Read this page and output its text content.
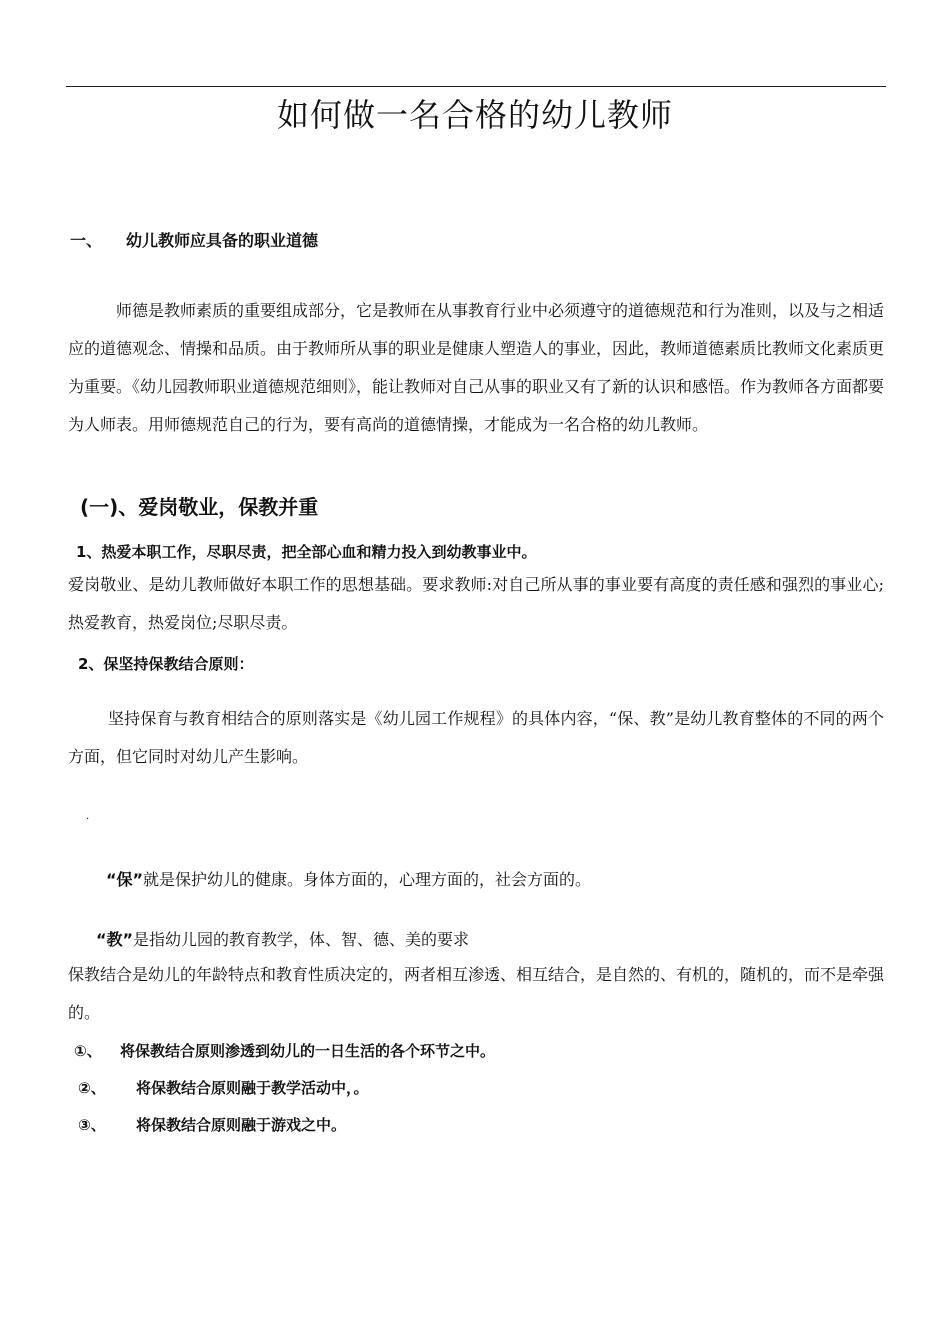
如何做一名合格的幼儿教师
一、 幼儿教师应具备的职业道德
师德是教师素质的重要组成部分，它是教师在从事教育行业中必须遵守的道德规范和行为准则，以及与之相适应的道德观念、情操和品质。由于教师所从事的职业是健康人塑造人的事业，因此，教师道德素质比教师文化素质更为重要。《幼儿园教师职业道德规范细则》，能让教师对自己从事的职业又有了新的认识和感悟。作为教师各方面都要为人师表。用师德规范自己的行为，要有高尚的道德情操，才能成为一名合格的幼儿教师。
(一)、爱岗敬业，保教并重
1、热爱本职工作，尽职尽责，把全部心血和精力投入到幼教事业中。
爱岗敬业、是幼儿教师做好本职工作的思想基础。要求教师:对自己所从事的事业要有高度的责任感和强烈的事业心;热爱教育，热爱岗位;尽职尽责。
2、保坚持保教结合原则：
坚持保育与教育相结合的原则落实是《幼儿园工作规程》的具体内容，“保、教”是幼儿教育整体的不同的两个方面，但它同时对幼儿产生影响。
·
“保”就是保护幼儿的健康。身体方面的，心理方面的，社会方面的。
“教”是指幼儿园的教育教学，体、智、德、美的要求
保教结合是幼儿的年龄特点和教育性质决定的，两者相互渗透、相互结合，是自然的、有机的，随机的，而不是牵强的。
①、 将保教结合原则渗透到幼儿的一日生活的各个环节之中。
②、 将保教结合原则融于教学活动中，。
③、 将保教结合原则融于游戏之中。
